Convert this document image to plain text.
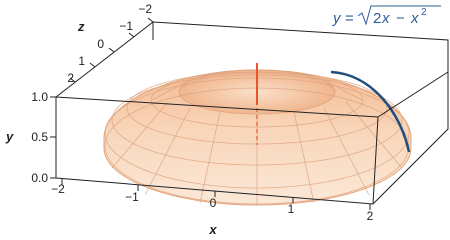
−2
−1	0	1	2
x
0.0
0.5
1.0
y
−2
−1
0
1
2
z	y = 2 x − x 2
